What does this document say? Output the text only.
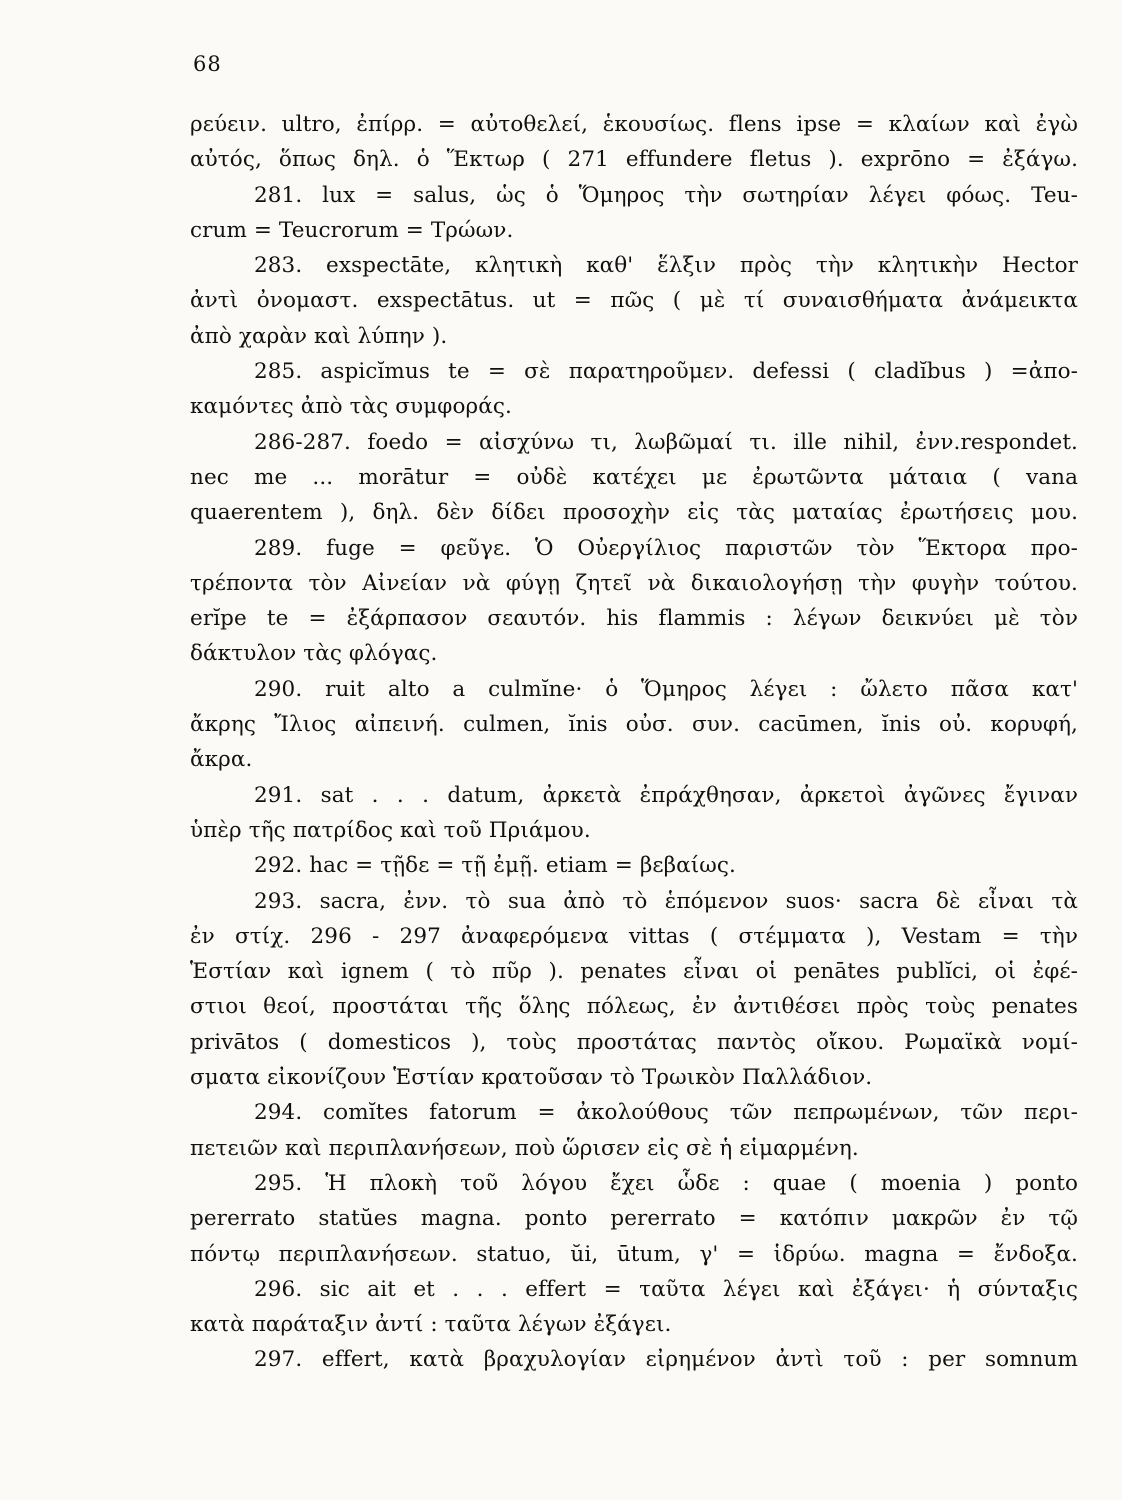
68
ρεύειν. ultro, ἐπίρρ. = αὐτοθελεί, ἑκουσίως. flens ipse = κλαίων καὶ ἐγὼ
αὐτός, ὅπως δηλ. ὁ Ἕκτωρ ( 271 effundere fletus ). exprōno = ἐξάγω.
281. lux = salus, ὡς ὁ Ὅμηρος τὴν σωτηρίαν λέγει φόως. Teu-
crum = Teucrorum = Τρώων.
283. exspectāte, κλητικὴ καθ' ἕλξιν πρὸς τὴν κλητικὴν Hector
ἀντὶ ὀνομαστ. exspectātus. ut = πῶς ( μὲ τί συναισθήματα ἀνάμεικτα
ἀπὸ χαρὰν καὶ λύπην ).
285. aspicĭmus te = σὲ παρατηροῦμεν. defessi ( cladĭbus ) =ἀπο-
καμόντες ἀπὸ τὰς συμφοράς.
286-287. foedo = αἰσχύνω τι, λωβῶμαί τι. ille nihil, ἐνν.respondet.
nec me ... morātur = οὐδὲ κατέχει με ἐρωτῶντα μάταια ( vana
quaerentem ), δηλ. δὲν δίδει προσοχὴν εἰς τὰς ματαίας ἐρωτήσεις μου.
289. fuge = φεῦγε. Ὁ Οὐεργίλιος παριστῶν τὸν Ἕκτορα προ-
τρέποντα τὸν Αἰνείαν νὰ φύγῃ ζητεῖ νὰ δικαιολογήσῃ τὴν φυγὴν τούτου.
erĭpe te = ἐξάρπασον σεαυτόν. his flammis : λέγων δεικνύει μὲ τὸν
δάκτυλον τὰς φλόγας.
290. ruit alto a culmĭne· ὁ Ὅμηρος λέγει : ὤλετο πᾶσα κατ'
ἄκρης Ἴλιος αἰπεινή. culmen, ĭnis οὐσ. συν. cacūmen, ĭnis οὐ. κορυφή,
ἄκρα.
291. sat . . . datum, ἀρκετὰ ἐπράχθησαν, ἀρκετοὶ ἀγῶνες ἔγιναν
ὑπὲρ τῆς πατρίδος καὶ τοῦ Πριάμου.
292. hac = τῇδε = τῇ ἐμῇ. etiam = βεβαίως.
293. sacra, ἐνν. τὸ sua ἀπὸ τὸ ἑπόμενον suos· sacra δὲ εἶναι τὰ
ἐν στίχ. 296 - 297 ἀναφερόμενα vittas ( στέμματα ), Vestam = τὴν
Ἑστίαν καὶ ignem ( τὸ πῦρ ). penates εἶναι οἱ penātes publĭci, οἱ ἐφέ-
στιοι θεοί, προστάται τῆς ὅλης πόλεως, ἐν ἀντιθέσει πρὸς τοὺς penates
privātos ( domesticos ), τοὺς προστάτας παντὸς οἴκου. Ρωμαϊκὰ νομί-
σματα εἰκονίζουν Ἑστίαν κρατοῦσαν τὸ Τρωικὸν Παλλάδιον.
294. comĭtes fatorum = ἀκολούθους τῶν πεπρωμένων, τῶν περι-
πετειῶν καὶ περιπλανήσεων, ποὺ ὥρισεν εἰς σὲ ἡ εἱμαρμένη.
295. Ἡ πλοκὴ τοῦ λόγου ἔχει ὧδε : quae ( moenia ) ponto
pererrato statŭes magna. ponto pererrato = κατόπιν μακρῶν ἐν τῷ
πόντῳ περιπλανήσεων. statuo, ŭi, ūtum, γ' = ἱδρύω. magna = ἔνδοξα.
296. sic ait et . . . effert = ταῦτα λέγει καὶ ἐξάγει· ἡ σύνταξις
κατὰ παράταξιν ἀντί : ταῦτα λέγων ἐξάγει.
297. effert, κατὰ βραχυλογίαν εἰρημένον ἀντὶ τοῦ : per somnum
